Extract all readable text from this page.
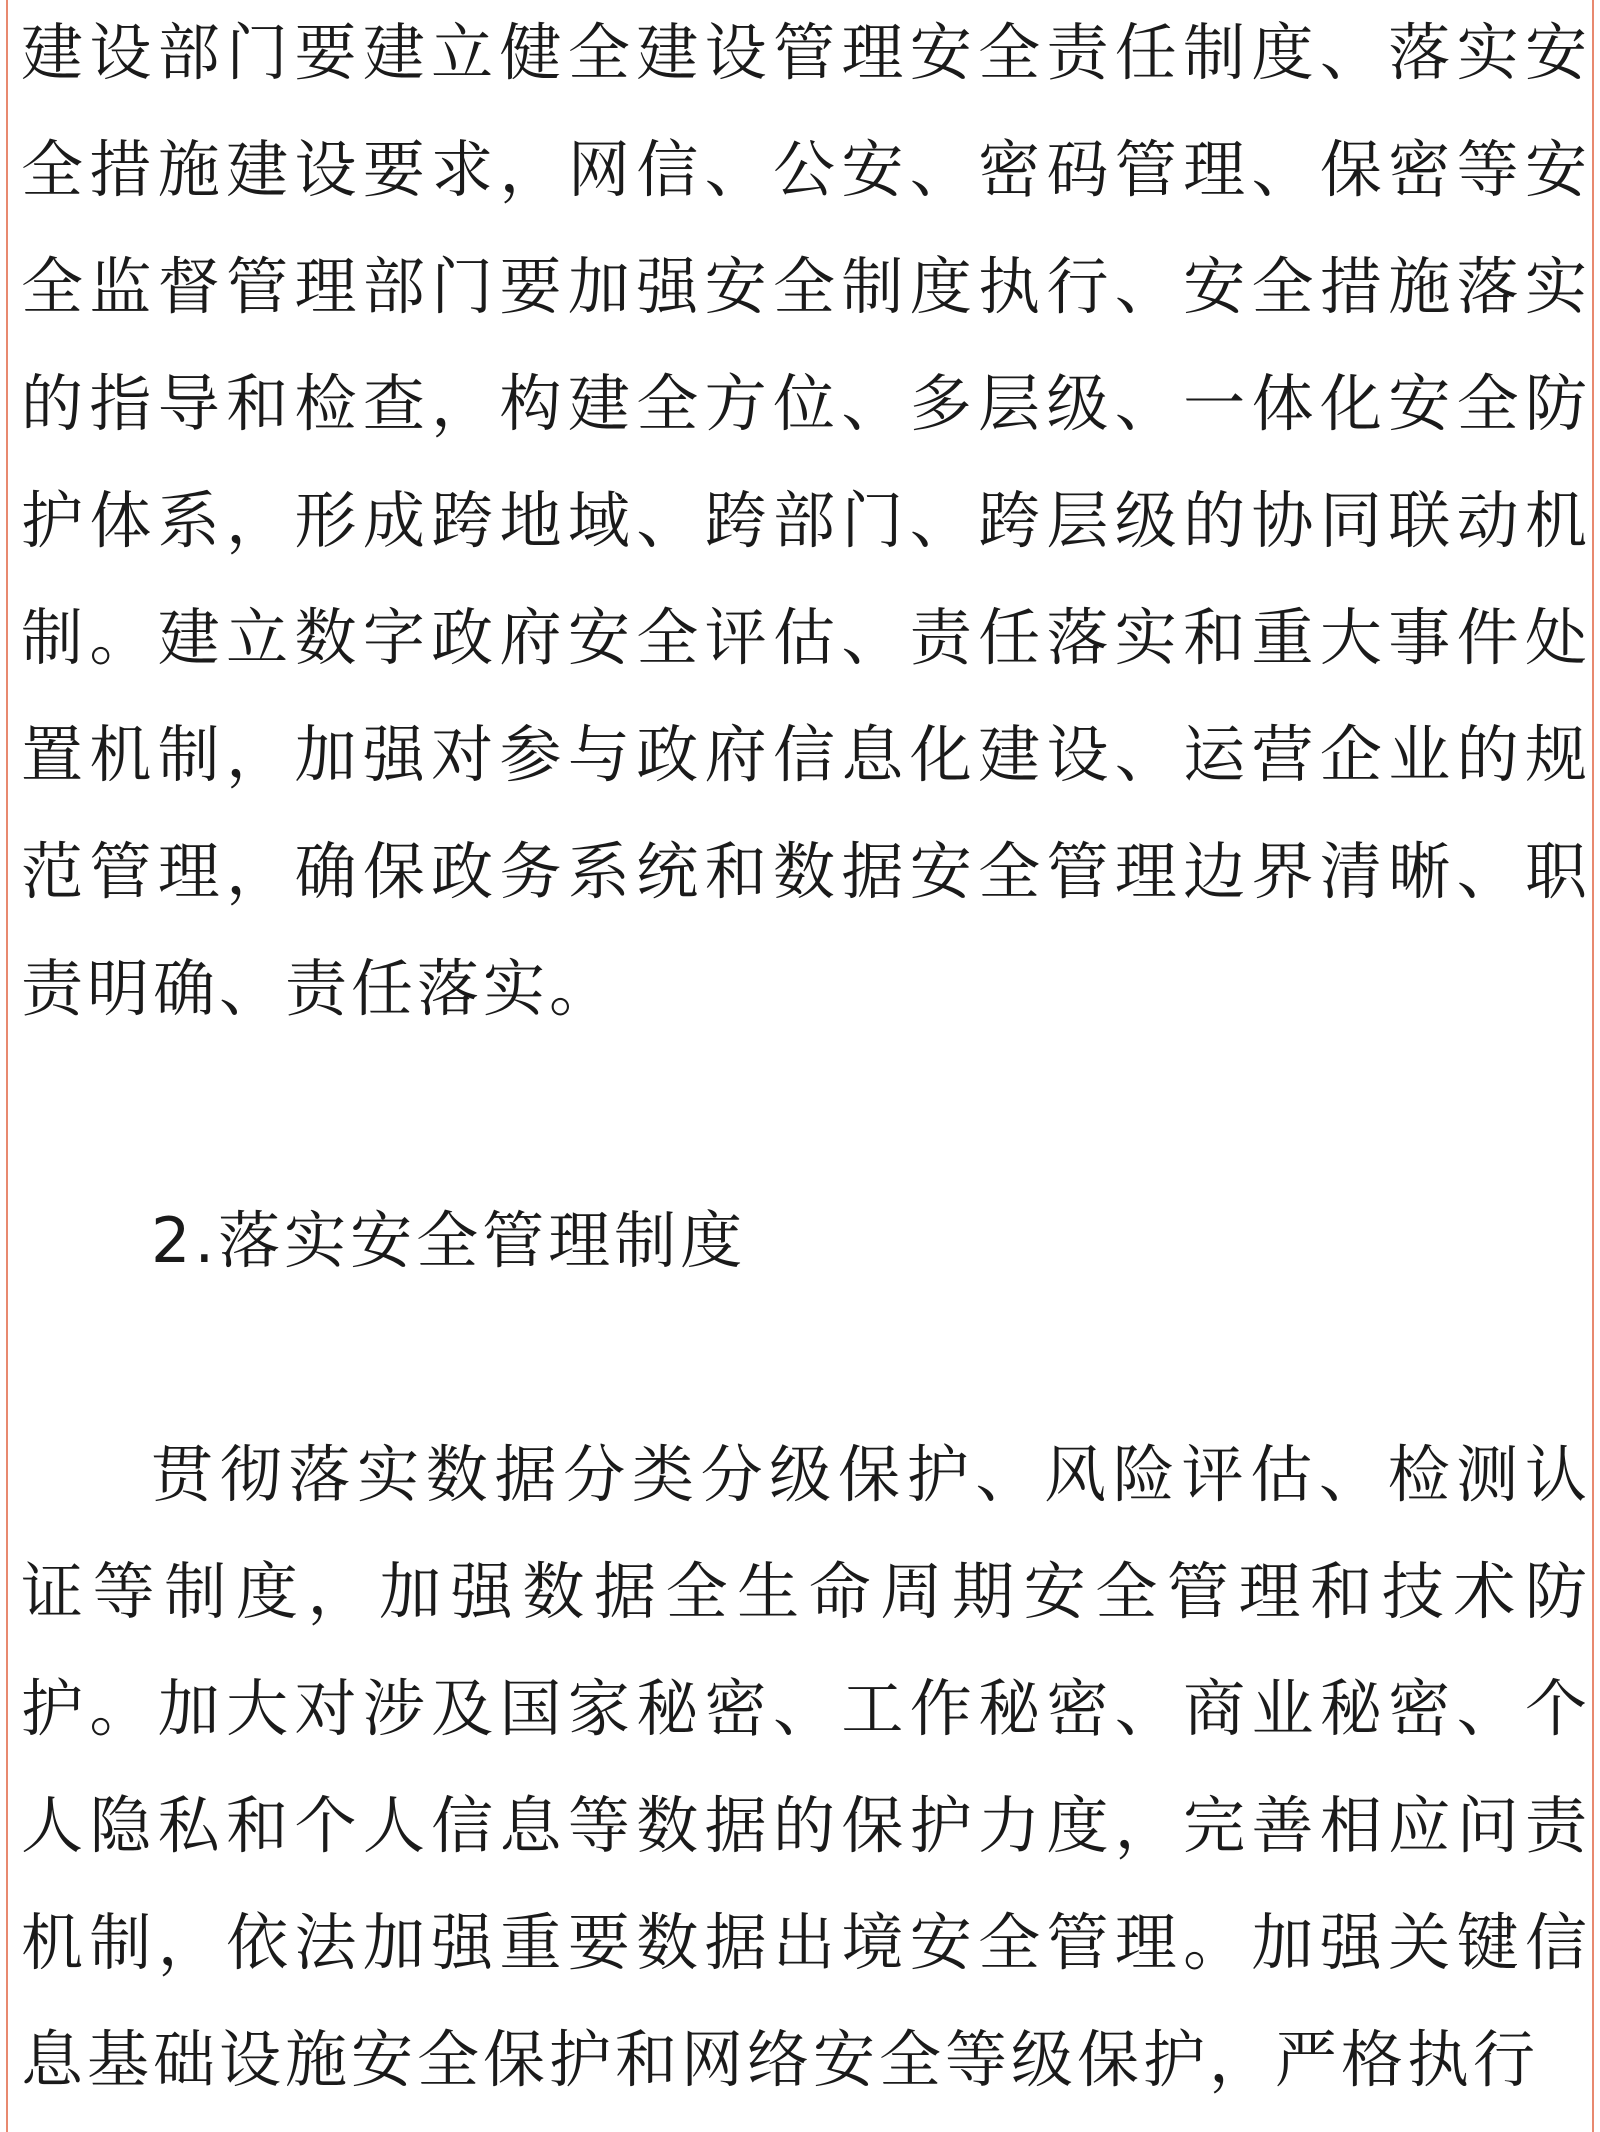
建设部门要建立健全建设管理安全责任制度、落实安全措施建设要求，网信、公安、密码管理、保密等安全监督管理部门要加强安全制度执行、安全措施落实的指导和检查，构建全方位、多层级、一体化安全防护体系，形成跨地域、跨部门、跨层级的协同联动机制。建立数字政府安全评估、责任落实和重大事件处置机制，加强对参与政府信息化建设、运营企业的规范管理，确保政务系统和数据安全管理边界清晰、职责明确、责任落实。

2.落实安全管理制度

贯彻落实数据分类分级保护、风险评估、检测认证等制度，加强数据全生命周期安全管理和技术防护。加大对涉及国家秘密、工作秘密、商业秘密、个人隐私和个人信息等数据的保护力度，完善相应问责机制，依法加强重要数据出境安全管理。加强关键信息基础设施安全保护和网络安全等级保护，严格执行
